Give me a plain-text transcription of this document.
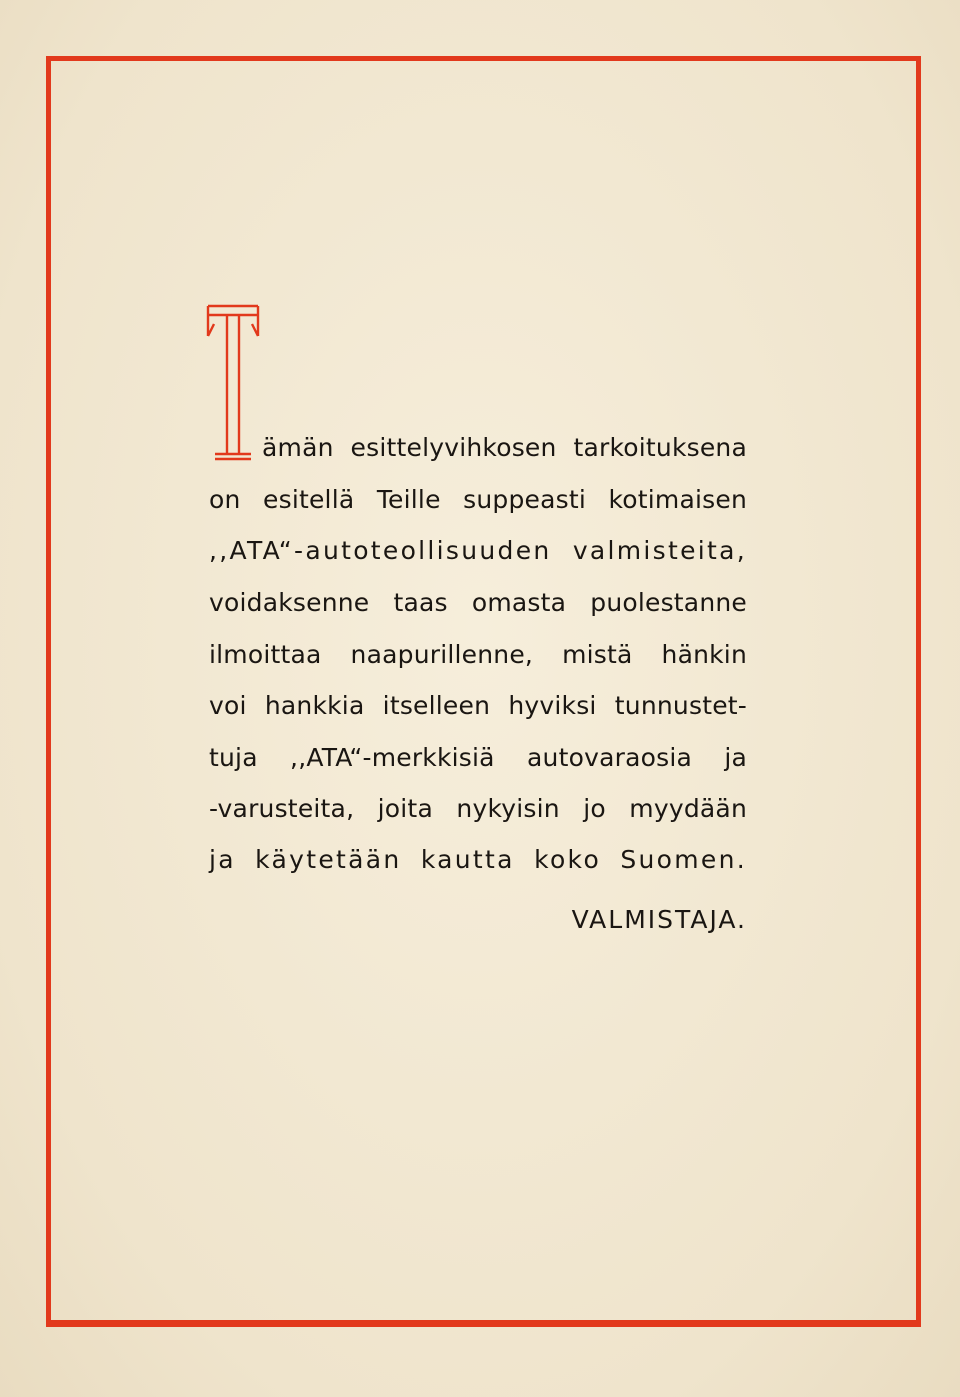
ämän esittelyvihkosen tarkoituksena
on esitellä Teille suppeasti kotimaisen
,,ATA“-autoteollisuuden valmisteita,
voidaksenne taas omasta puolestanne
ilmoittaa naapurillenne, mistä hänkin
voi hankkia itselleen hyviksi tunnustet-
tuja ,,ATA“-merkkisiä autovaraosia ja
-varusteita, joita nykyisin jo myydään
ja käytetään kautta koko Suomen.
VALMISTAJA.
